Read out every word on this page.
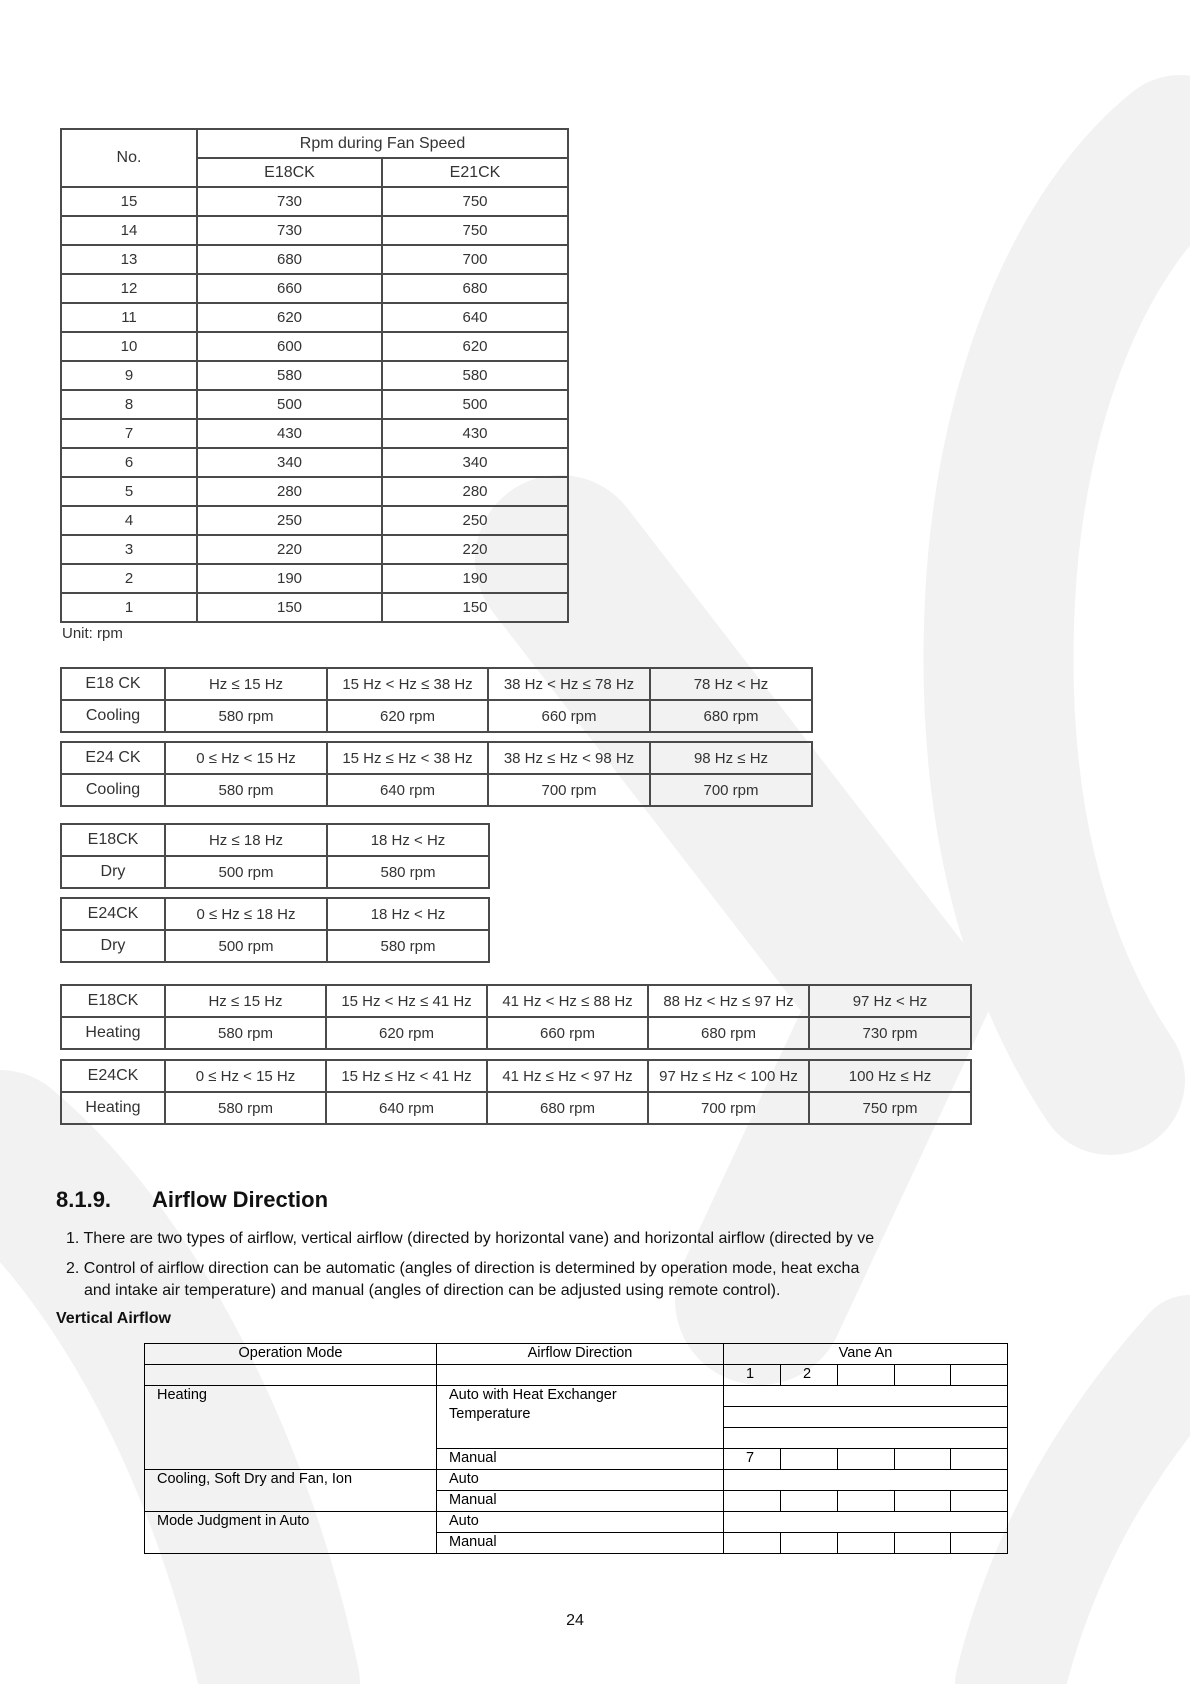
No.	Rpm during Fan Speed	
	E18CK	E21CK
15	730	750
14	730	750
13	680	700
12	660	680
11	620	640
10	600	620
9	580	580
8	500	500
7	430	430
6	340	340
5	280	280
4	250	250
3	220	220
2	190	190
1	150	150
Unit: rpm
E18 CK	Hz ≤ 15 Hz	15 Hz < Hz ≤ 38 Hz	38 Hz < Hz ≤ 78 Hz	78 Hz < Hz
Cooling	580 rpm	620 rpm	660 rpm	680 rpm
E24 CK	0 ≤ Hz < 15 Hz	15 Hz ≤ Hz < 38 Hz	38 Hz ≤ Hz < 98 Hz	98 Hz ≤ Hz
Cooling	580 rpm	640 rpm	700 rpm	700 rpm
E18CK	Hz ≤ 18 Hz	18 Hz < Hz
Dry	500 rpm	580 rpm
E24CK	0 ≤ Hz ≤ 18 Hz	18 Hz < Hz
Dry	500 rpm	580 rpm
E18CK	Hz ≤ 15 Hz	15 Hz < Hz ≤ 41 Hz	41 Hz < Hz ≤ 88 Hz	88 Hz < Hz ≤ 97 Hz	97 Hz < Hz
Heating	580 rpm	620 rpm	660 rpm	680 rpm	730 rpm
E24CK	0 ≤ Hz < 15 Hz	15 Hz ≤ Hz < 41 Hz	41 Hz ≤ Hz < 97 Hz	97 Hz ≤ Hz < 100 Hz	100 Hz ≤ Hz
Heating	580 rpm	640 rpm	680 rpm	700 rpm	750 rpm
8.1.9. Airflow Direction
1. There are two types of airflow, vertical airflow (directed by horizontal vane) and horizontal airflow (directed by ve
2. Control of airflow direction can be automatic (angles of direction is determined by operation mode, heat excha
and intake air temperature) and manual (angles of direction can be adjusted using remote control).
Vertical Airflow
Operation Mode	Airflow Direction	Vane An				
		1	2			
Heating	Auto with Heat Exchanger
Temperature					

	Manual	7				
Cooling, Soft Dry and Fan, Ion	Auto					
	Manual					
Mode Judgment in Auto	Auto					
	Manual					
24
